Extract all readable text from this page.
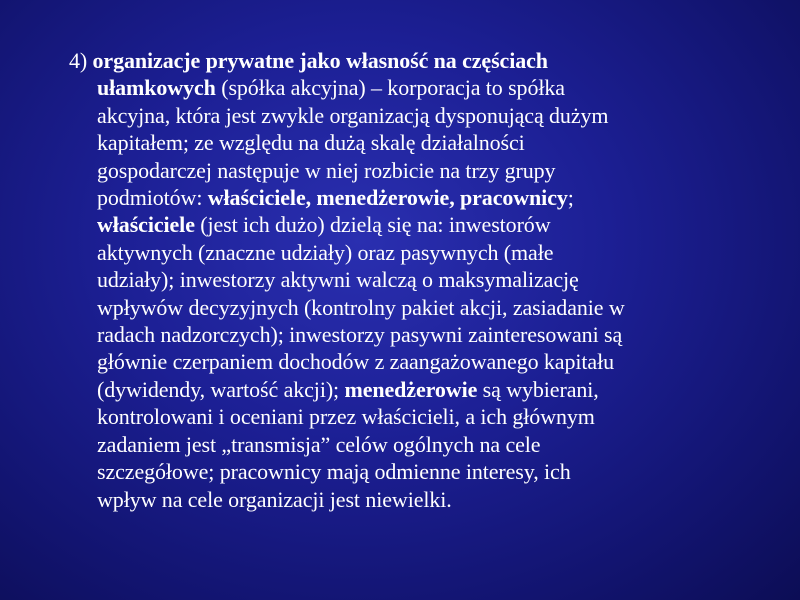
4) organizacje prywatne jako własność na częściach
ułamkowych (spółka akcyjna) – korporacja to spółka
akcyjna, która jest zwykle organizacją dysponującą dużym
kapitałem; ze względu na dużą skalę działalności
gospodarczej następuje w niej rozbicie na trzy grupy
podmiotów: właściciele, menedżerowie, pracownicy;
właściciele (jest ich dużo) dzielą się na: inwestorów
aktywnych (znaczne udziały) oraz pasywnych (małe
udziały); inwestorzy aktywni walczą o maksymalizację
wpływów decyzyjnych (kontrolny pakiet akcji, zasiadanie w
radach nadzorczych); inwestorzy pasywni zainteresowani są
głównie czerpaniem dochodów z zaangażowanego kapitału
(dywidendy, wartość akcji); menedżerowie są wybierani,
kontrolowani i oceniani przez właścicieli, a ich głównym
zadaniem jest „transmisja” celów ogólnych na cele
szczegółowe; pracownicy mają odmienne interesy, ich
wpływ na cele organizacji jest niewielki.
